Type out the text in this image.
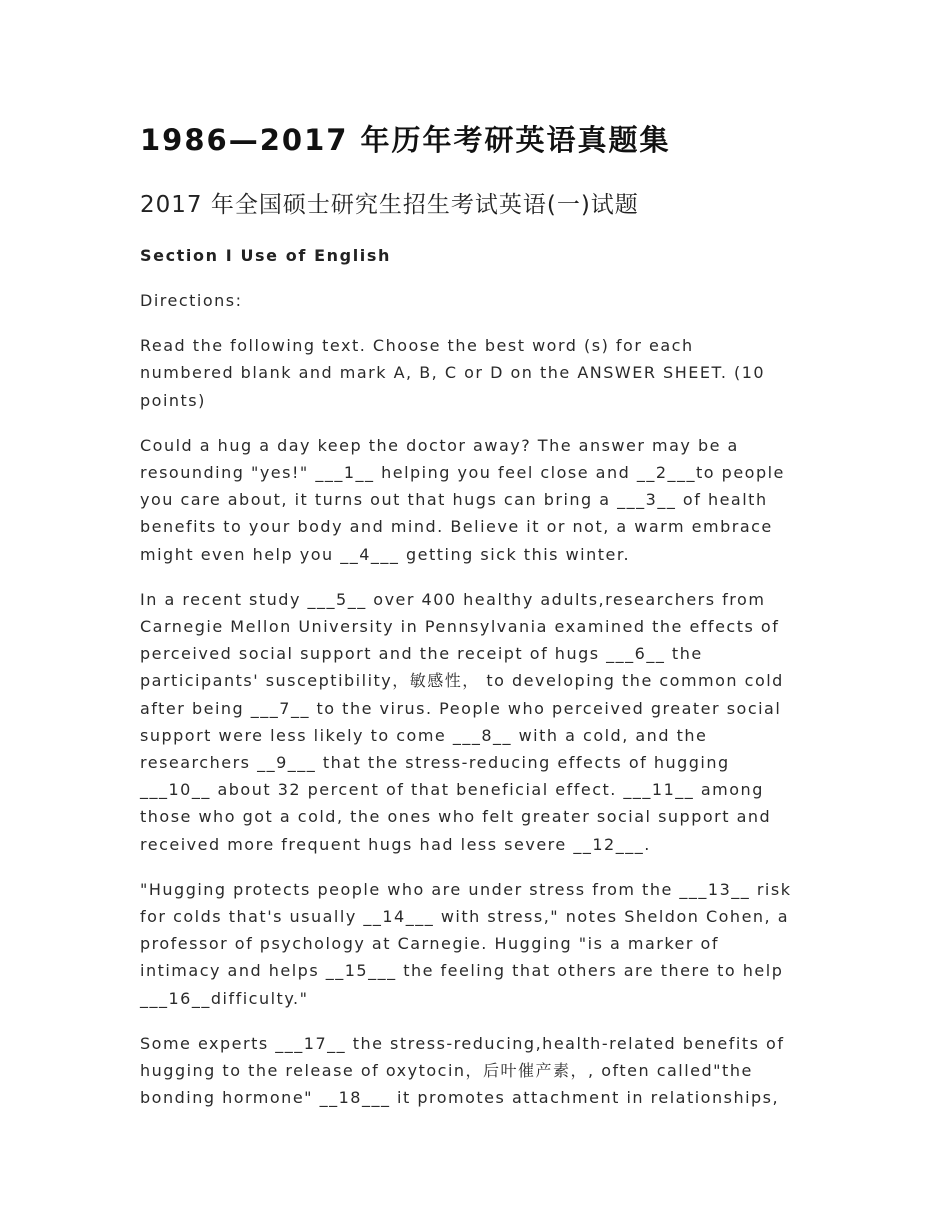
1986—2017 年历年考研英语真题集
2017 年全国硕士研究生招生考试英语(一)试题
Section I Use of English
Directions:
Read the following text. Choose the best word (s) for each
numbered blank and mark A, B, C or D on the ANSWER SHEET. (10
points)
Could a hug a day keep the doctor away? The answer may be a
resounding "yes!" ___1__ helping you feel close and __2___to people
you care about, it turns out that hugs can bring a ___3__ of health
benefits to your body and mind. Believe it or not, a warm embrace
might even help you __4___ getting sick this winter.
In a recent study ___5__ over 400 healthy adults,researchers from
Carnegie Mellon University in Pennsylvania examined the effects of
perceived social support and the receipt of hugs ___6__ the
participants' susceptibility，敏感性， to developing the common cold
after being ___7__ to the virus. People who perceived greater social
support were less likely to come ___8__ with a cold, and the
researchers __9___ that the stress-reducing effects of hugging
___10__ about 32 percent of that beneficial effect. ___11__ among
those who got a cold, the ones who felt greater social support and
received more frequent hugs had less severe __12___.
"Hugging protects people who are under stress from the ___13__ risk
for colds that's usually __14___ with stress," notes Sheldon Cohen, a
professor of psychology at Carnegie. Hugging "is a marker of
intimacy and helps __15___ the feeling that others are there to help
___16__difficulty."
Some experts ___17__ the stress-reducing,health-related benefits of
hugging to the release of oxytocin，后叶催产素，, often called"the
bonding hormone" __18___ it promotes attachment in relationships,
